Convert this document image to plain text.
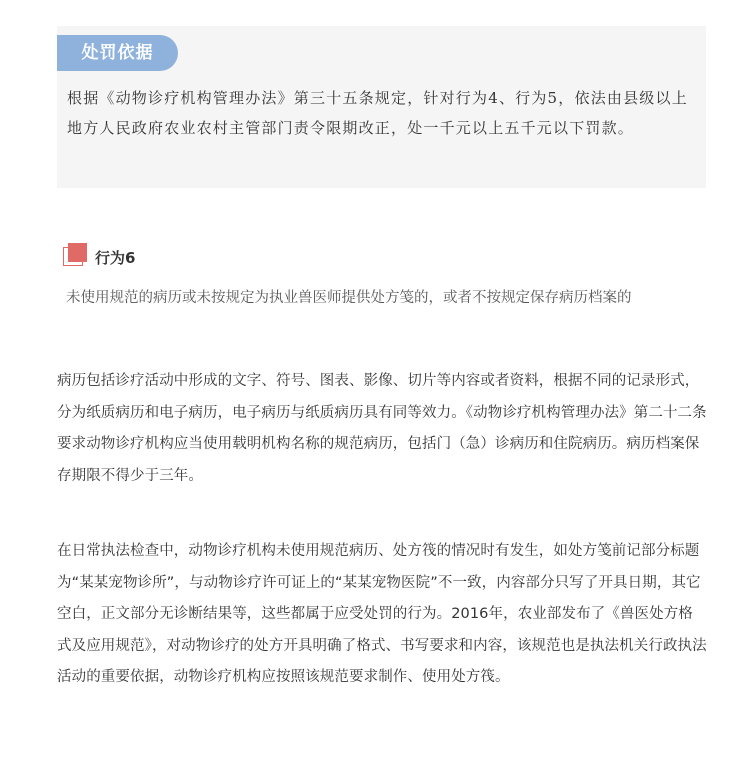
处罚依据

根据《动物诊疗机构管理办法》第三十五条规定，针对行为4、行为5，依法由县级以上地方人民政府农业农村主管部门责令限期改正，处一千元以上五千元以下罚款。

行为6

未使用规范的病历或未按规定为执业兽医师提供处方笺的，或者不按规定保存病历档案的

病历包括诊疗活动中形成的文字、符号、图表、影像、切片等内容或者资料，根据不同的记录形式，分为纸质病历和电子病历，电子病历与纸质病历具有同等效力。《动物诊疗机构管理办法》第二十二条要求动物诊疗机构应当使用载明机构名称的规范病历，包括门（急）诊病历和住院病历。病历档案保存期限不得少于三年。

在日常执法检查中，动物诊疗机构未使用规范病历、处方筏的情况时有发生，如处方笺前记部分标题为“某某宠物诊所”，与动物诊疗许可证上的“某某宠物医院”不一致，内容部分只写了开具日期，其它空白，正文部分无诊断结果等，这些都属于应受处罚的行为。2016年，农业部发布了《兽医处方格式及应用规范》，对动物诊疗的处方开具明确了格式、书写要求和内容，该规范也是执法机关行政执法活动的重要依据，动物诊疗机构应按照该规范要求制作、使用处方筏。
